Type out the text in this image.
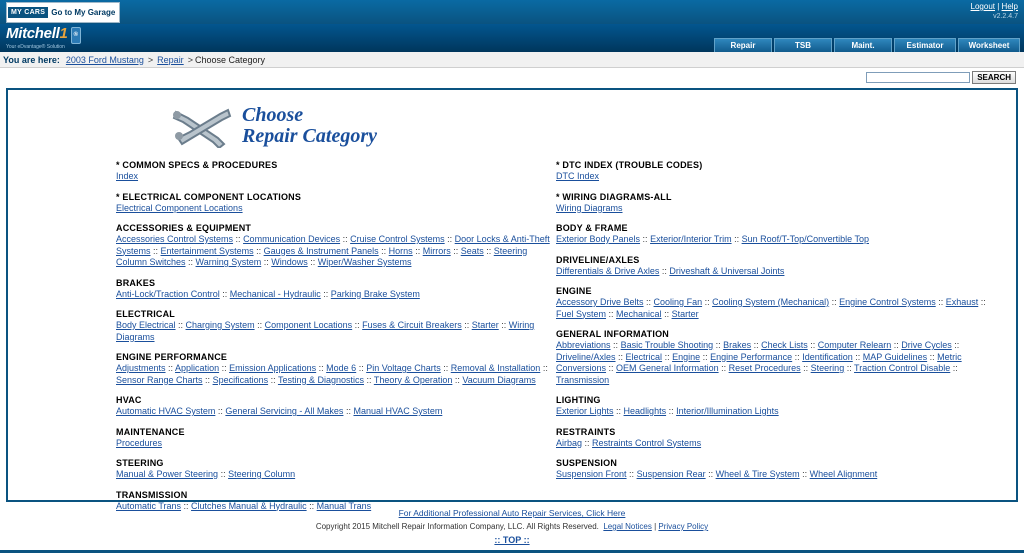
MY CARS Go to My Garage
Logout | Help
v2.2.4.7
Mitchell1 ®
Your eDvantage® Solution	Repair	TSB	Maint.	Estimator	Worksheet
You are here: 2003 Ford Mustang > Repair > Choose Category
SEARCH
Choose
Repair Category
* COMMON SPECS & PROCEDURES
Index
* ELECTRICAL COMPONENT LOCATIONS
Electrical Component Locations
ACCESSORIES & EQUIPMENT
Accessories Control Systems :: Communication Devices :: Cruise Control Systems :: Door Locks & Anti-Theft Systems :: Entertainment Systems :: Gauges & Instrument Panels :: Horns :: Mirrors :: Seats :: Steering Column Switches :: Warning System :: Windows :: Wiper/Washer Systems
BRAKES
Anti-Lock/Traction Control :: Mechanical - Hydraulic :: Parking Brake System
ELECTRICAL
Body Electrical :: Charging System :: Component Locations :: Fuses & Circuit Breakers :: Starter :: Wiring Diagrams
ENGINE PERFORMANCE
Adjustments :: Application :: Emission Applications :: Mode 6 :: Pin Voltage Charts :: Removal & Installation :: Sensor Range Charts :: Specifications :: Testing & Diagnostics :: Theory & Operation :: Vacuum Diagrams
HVAC
Automatic HVAC System :: General Servicing - All Makes :: Manual HVAC System
MAINTENANCE
Procedures
STEERING
Manual & Power Steering :: Steering Column
TRANSMISSION
Automatic Trans :: Clutches Manual & Hydraulic :: Manual Trans
* DTC INDEX (TROUBLE CODES)
DTC Index
* WIRING DIAGRAMS-ALL
Wiring Diagrams
BODY & FRAME
Exterior Body Panels :: Exterior/Interior Trim :: Sun Roof/T-Top/Convertible Top
DRIVELINE/AXLES
Differentials & Drive Axles :: Driveshaft & Universal Joints
ENGINE
Accessory Drive Belts :: Cooling Fan :: Cooling System (Mechanical) :: Engine Control Systems :: Exhaust :: Fuel System :: Mechanical :: Starter
GENERAL INFORMATION
Abbreviations :: Basic Trouble Shooting :: Brakes :: Check Lists :: Computer Relearn :: Drive Cycles :: Driveline/Axles :: Electrical :: Engine :: Engine Performance :: Identification :: MAP Guidelines :: Metric Conversions :: OEM General Information :: Reset Procedures :: Steering :: Traction Control Disable :: Transmission
LIGHTING
Exterior Lights :: Headlights :: Interior/Illumination Lights
RESTRAINTS
Airbag :: Restraints Control Systems
SUSPENSION
Suspension Front :: Suspension Rear :: Wheel & Tire System :: Wheel Alignment
For Additional Professional Auto Repair Services, Click Here
Copyright 2015 Mitchell Repair Information Company, LLC. All Rights Reserved. Legal Notices | Privacy Policy
:: TOP ::
